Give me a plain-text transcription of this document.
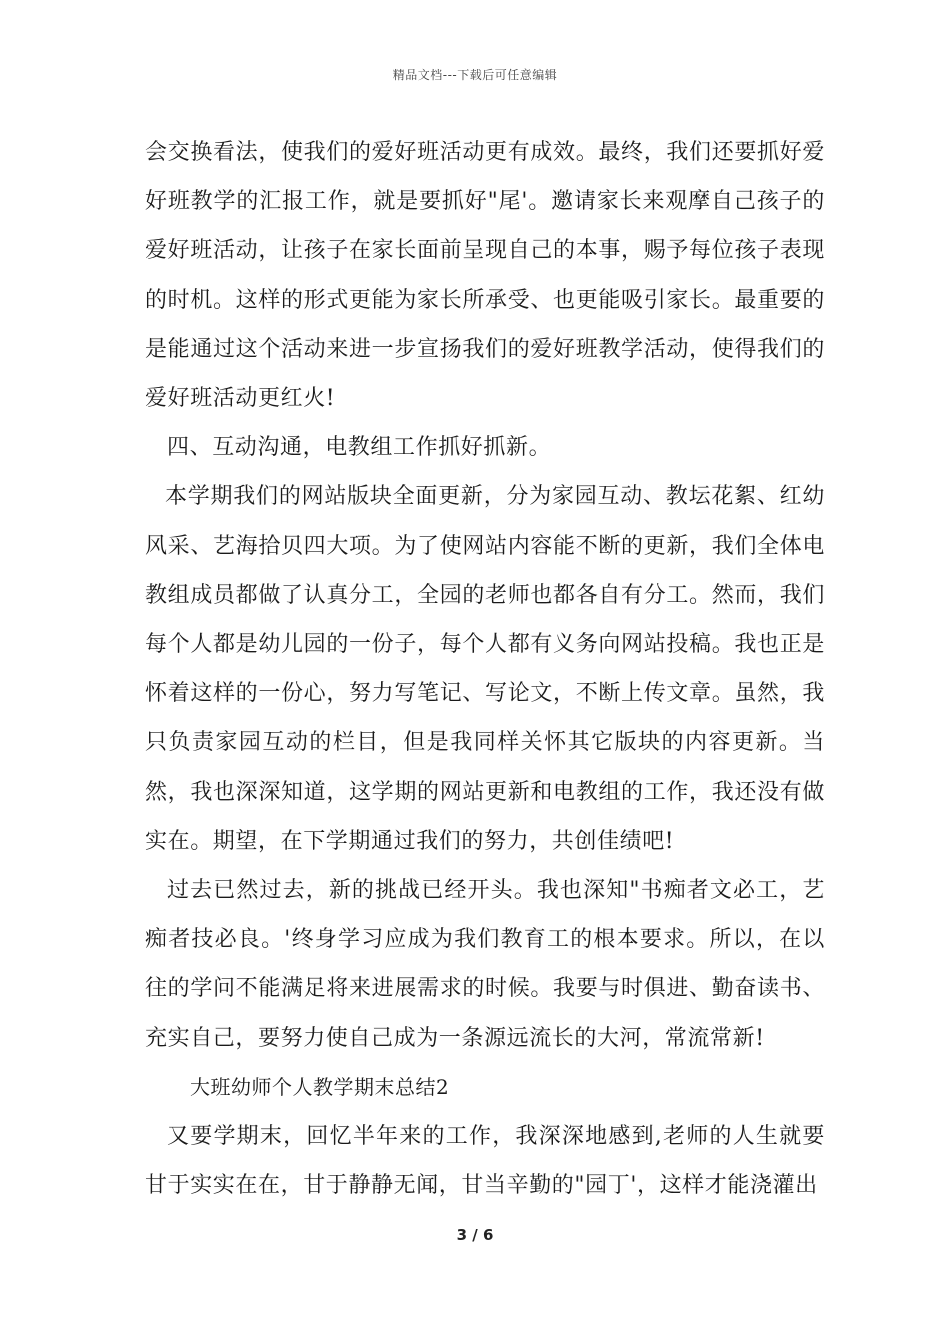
精品文档---下载后可任意编辑

会交换看法，使我们的爱好班活动更有成效。最终，我们还要抓好爱好班教学的汇报工作，就是要抓好"尾'。邀请家长来观摩自己孩子的爱好班活动，让孩子在家长面前呈现自己的本事，赐予每位孩子表现的时机。这样的形式更能为家长所承受、也更能吸引家长。最重要的是能通过这个活动来进一步宣扬我们的爱好班教学活动，使得我们的爱好班活动更红火!

四、互动沟通，电教组工作抓好抓新。

本学期我们的网站版块全面更新，分为家园互动、教坛花絮、红幼风采、艺海拾贝四大项。为了使网站内容能不断的更新，我们全体电教组成员都做了认真分工，全园的老师也都各自有分工。然而，我们每个人都是幼儿园的一份子，每个人都有义务向网站投稿。我也正是怀着这样的一份心，努力写笔记、写论文，不断上传文章。虽然，我只负责家园互动的栏目，但是我同样关怀其它版块的内容更新。当然，我也深深知道，这学期的网站更新和电教组的工作，我还没有做实在。期望，在下学期通过我们的努力，共创佳绩吧!

过去已然过去，新的挑战已经开头。我也深知"书痴者文必工，艺痴者技必良。'终身学习应成为我们教育工的根本要求。所以，在以往的学问不能满足将来进展需求的时候。我要与时俱进、勤奋读书、充实自己，要努力使自己成为一条源远流长的大河，常流常新!

大班幼师个人教学期末总结2

又要学期末，回忆半年来的工作，我深深地感到,老师的人生就要甘于实实在在，甘于静静无闻，甘当辛勤的"园丁'，这样才能浇灌出

3 / 6
